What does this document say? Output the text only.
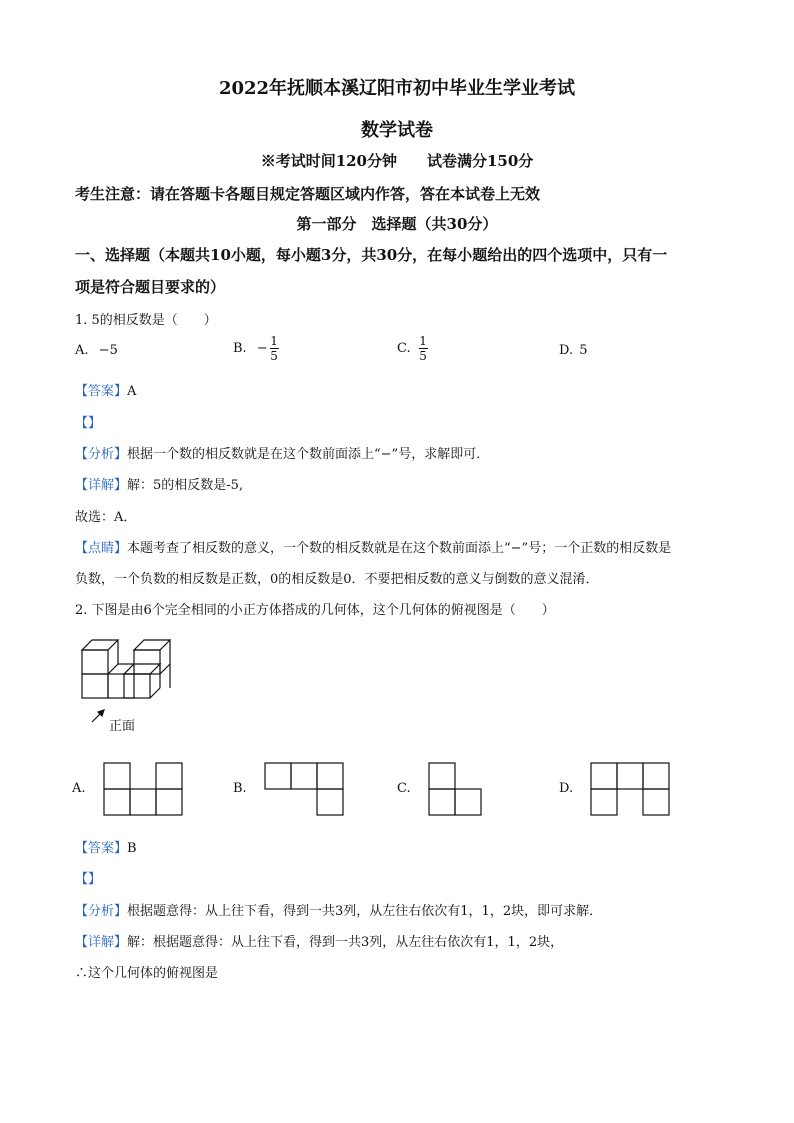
2022年抚顺本溪辽阳市初中毕业生学业考试
数学试卷
※考试时间120分钟　　试卷满分150分
考生注意：请在答题卡各题目规定答题区域内作答，答在本试卷上无效
第一部分　选择题（共30分）
一、选择题（本题共10小题，每小题3分，共30分，在每小题给出的四个选项中，只有一
项是符合题目要求的）
1. 5的相反数是（　　）
A. −5	B. − $\frac{1}{5}$	C. $\frac{1}{5}$	D. 5
【答案】A
【】
【分析】根据一个数的相反数就是在这个数前面添上“−”号，求解即可．
【详解】解：5的相反数是-5,
故选：A．
【点睛】本题考查了相反数的意义，一个数的相反数就是在这个数前面添上“−”号；一个正数的相反数是
负数，一个负数的相反数是正数，0的相反数是0．不要把相反数的意义与倒数的意义混淆．
2. 下图是由6个完全相同的小正方体搭成的几何体，这个几何体的俯视图是（　　）
正面
A.	B.	C.	D.
【答案】B
【】
【分析】根据题意得：从上往下看，得到一共3列，从左往右依次有1，1，2块，即可求解．
【详解】解：根据题意得：从上往下看，得到一共3列，从左往右依次有1，1，2块，
∴这个几何体的俯视图是
